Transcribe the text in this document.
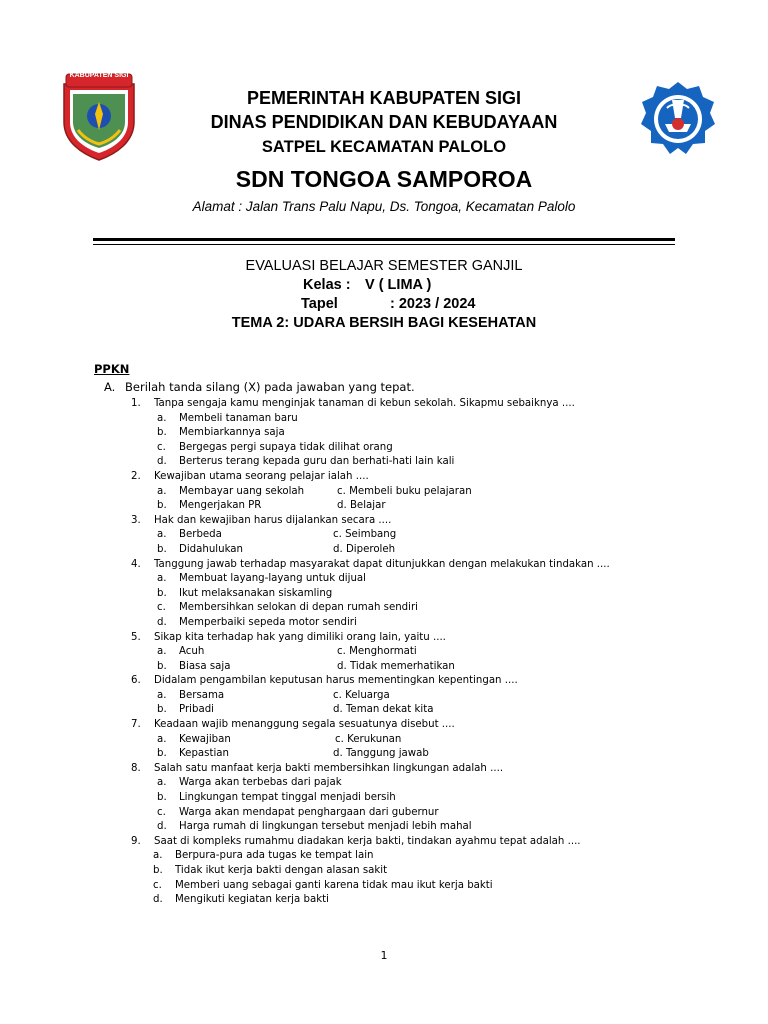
KABUPATEN SIGI
PEMERINTAH KABUPATEN SIGI
DINAS PENDIDIKAN DAN KEBUDAYAAN
SATPEL KECAMATAN PALOLO
SDN TONGOA SAMPOROA
Alamat : Jalan Trans Palu Napu, Ds. Tongoa, Kecamatan Palolo
EVALUASI BELAJAR SEMESTER GANJIL
Kelas : V ( LIMA )
Tapel	: 2023 / 2024
TEMA 2: UDARA BERSIH BAGI KESEHATAN
PPKN
A. Berilah tanda silang (X) pada jawaban yang tepat.
1. Tanpa sengaja kamu menginjak tanaman di kebun sekolah. Sikapmu sebaiknya ....
a. Membeli tanaman baru
b. Membiarkannya saja
c. Bergegas pergi supaya tidak dilihat orang
d. Berterus terang kepada guru dan berhati-hati lain kali
2. Kewajiban utama seorang pelajar ialah ....
a. Membayar uang sekolah	c. Membeli buku pelajaran
b. Mengerjakan PR	d. Belajar
3. Hak dan kewajiban harus dijalankan secara ....
a. Berbeda	c. Seimbang
b. Didahulukan	d. Diperoleh
4. Tanggung jawab terhadap masyarakat dapat ditunjukkan dengan melakukan tindakan ....
a. Membuat layang-layang untuk dijual
b. Ikut melaksanakan siskamling
c. Membersihkan selokan di depan rumah sendiri
d. Memperbaiki sepeda motor sendiri
5. Sikap kita terhadap hak yang dimiliki orang lain, yaitu ....
a. Acuh	c. Menghormati
b. Biasa saja	d. Tidak memerhatikan
6. Didalam pengambilan keputusan harus mementingkan kepentingan ....
a. Bersama	c. Keluarga
b. Pribadi	d. Teman dekat kita
7. Keadaan wajib menanggung segala sesuatunya disebut ....
a. Kewajiban	c. Kerukunan
b. Kepastian	d. Tanggung jawab
8. Salah satu manfaat kerja bakti membersihkan lingkungan adalah ....
a. Warga akan terbebas dari pajak
b. Lingkungan tempat tinggal menjadi bersih
c. Warga akan mendapat penghargaan dari gubernur
d. Harga rumah di lingkungan tersebut menjadi lebih mahal
9. Saat di kompleks rumahmu diadakan kerja bakti, tindakan ayahmu tepat adalah ....
a. Berpura-pura ada tugas ke tempat lain
b. Tidak ikut kerja bakti dengan alasan sakit
c. Memberi uang sebagai ganti karena tidak mau ikut kerja bakti
d. Mengikuti kegiatan kerja bakti
1
